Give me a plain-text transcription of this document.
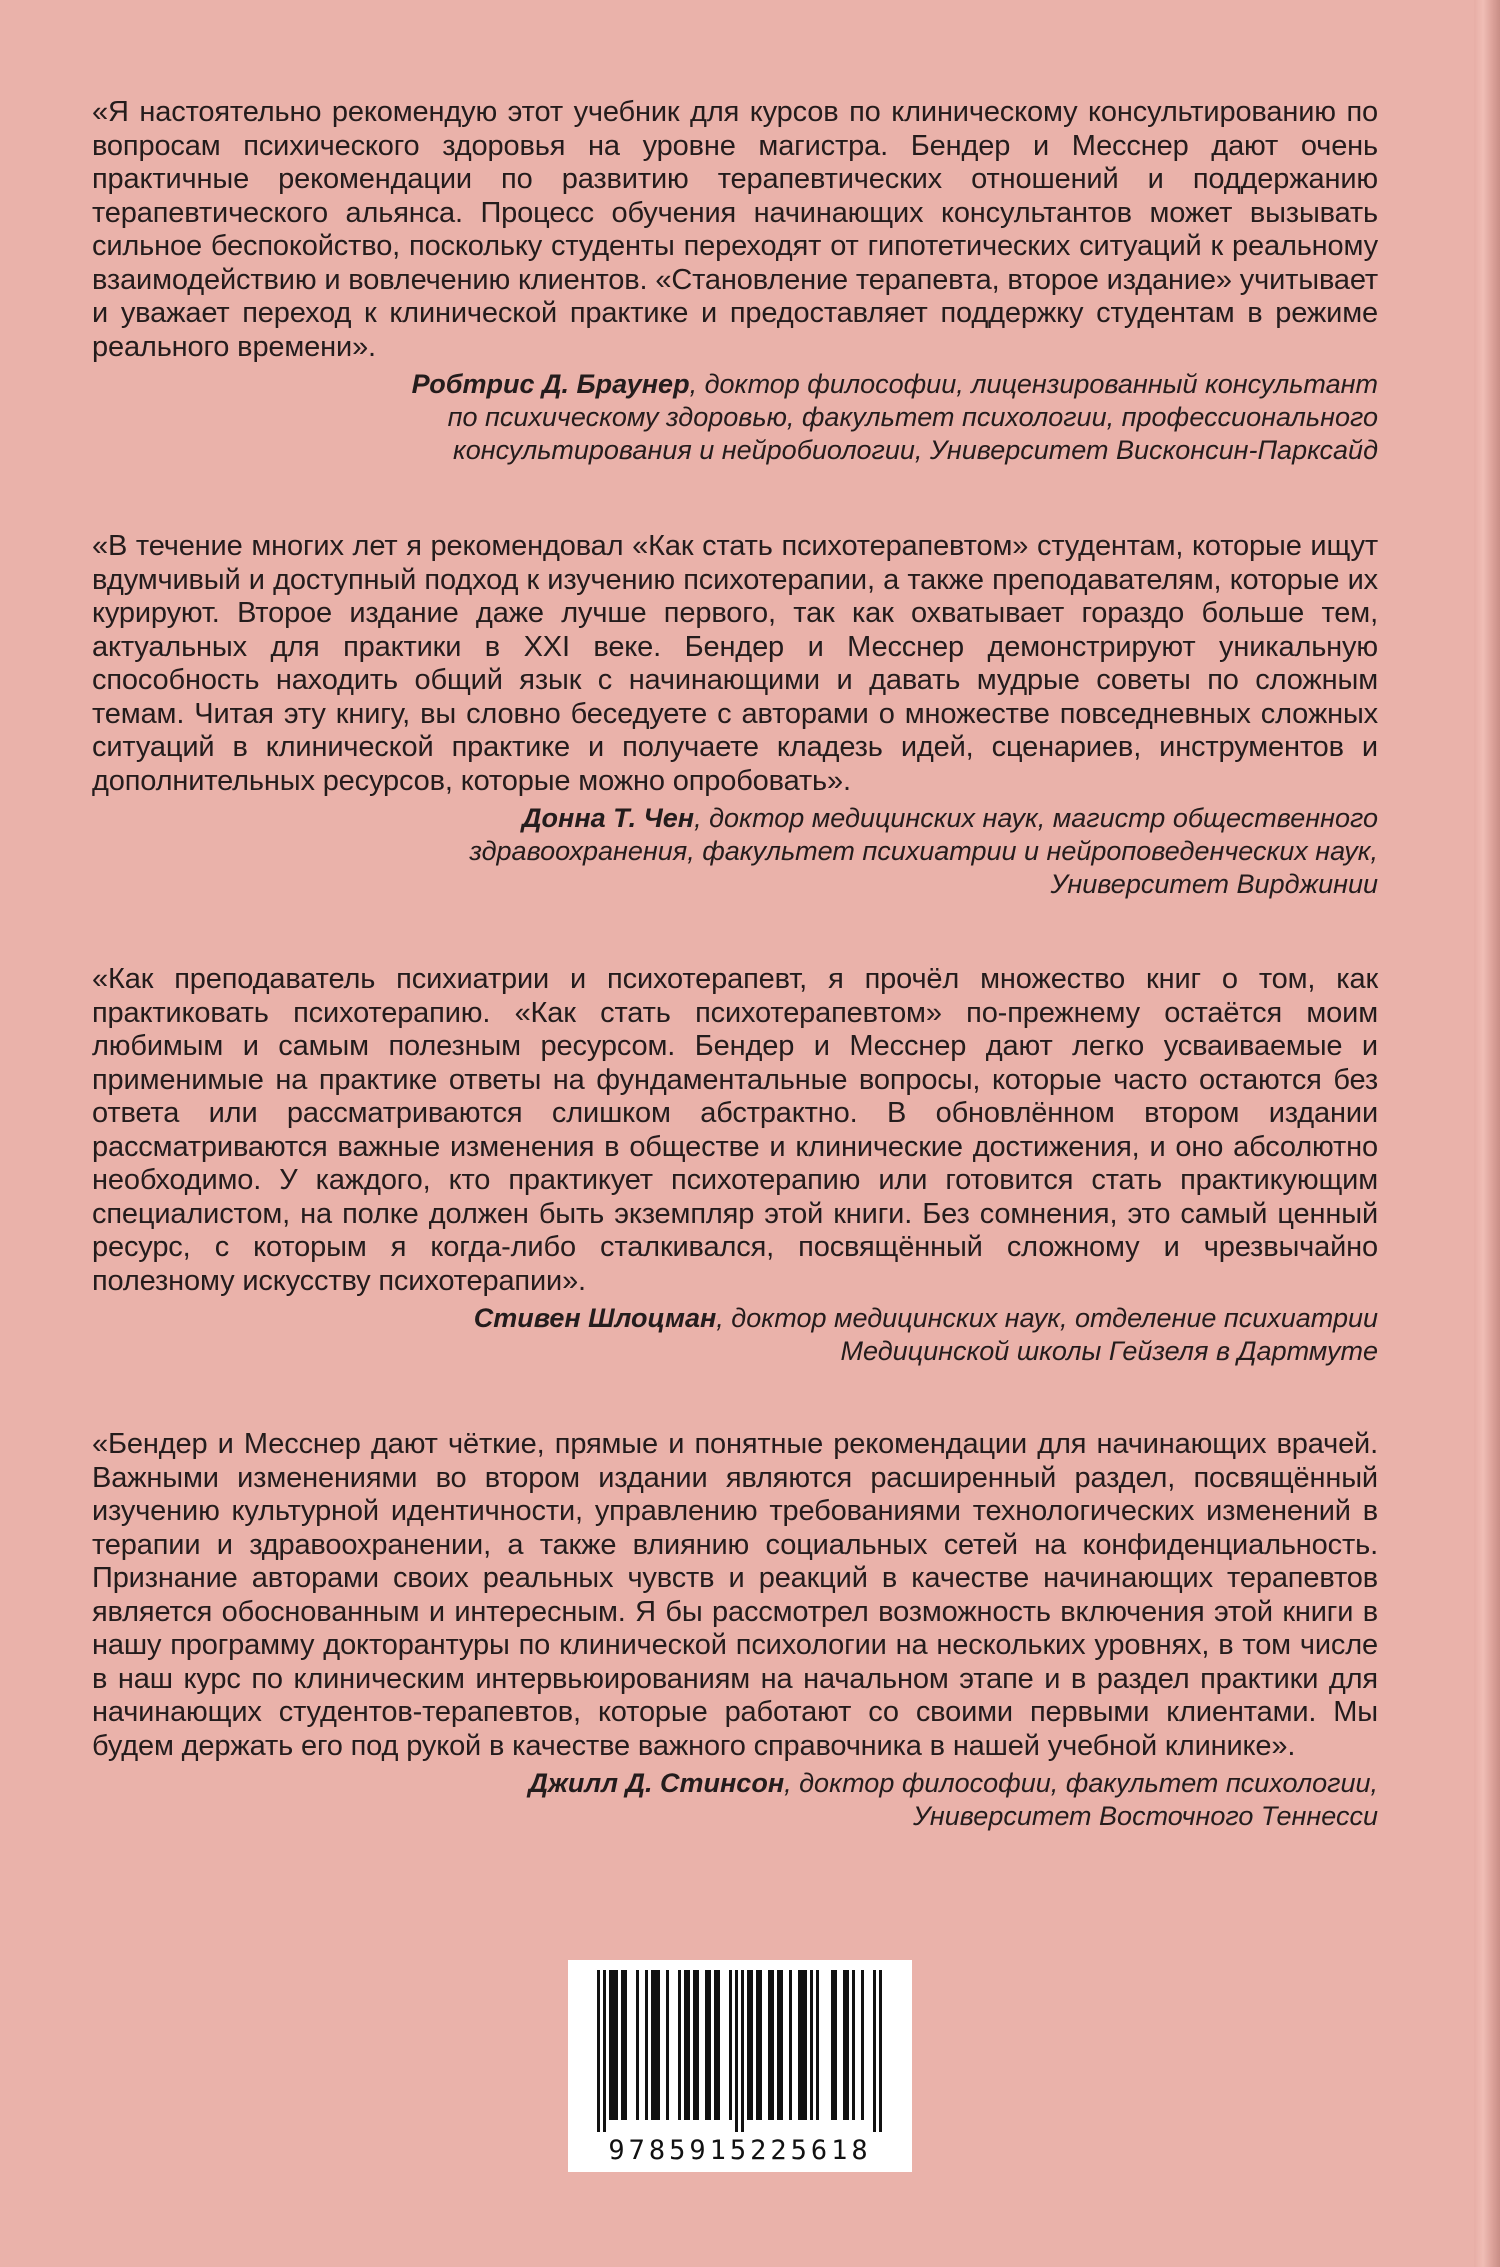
«Я настоятельно рекомендую этот учебник для курсов по клиническому консультированию по вопросам психического здоровья на уровне магистра. Бендер и Месснер дают очень практичные рекомендации по развитию терапевтических отношений и поддержанию терапевтического альянса. Процесс обучения начинающих консультантов может вызывать сильное беспокойство, поскольку студенты переходят от гипотетических ситуаций к реальному взаимодействию и вовлечению клиентов. «Становление терапевта, второе издание» учитывает и уважает переход к клинической практике и предоставляет поддержку студентам в режиме реального времени».

Робтрис Д. Браунер, доктор философии, лицензированный консультант
по психическому здоровью, факультет психологии, профессионального
консультирования и нейробиологии, Университет Висконсин-Парксайд

«В течение многих лет я рекомендовал «Как стать психотерапевтом» студентам, которые ищут вдумчивый и доступный подход к изучению психотерапии, а также преподавателям, которые их курируют. Второе издание даже лучше первого, так как охватывает гораздо больше тем, актуальных для практики в XXI веке. Бендер и Месснер демонстрируют уникальную способность находить общий язык с начинающими и давать мудрые советы по сложным темам. Читая эту книгу, вы словно беседуете с авторами о множестве повседневных сложных ситуаций в клинической практике и получаете кладезь идей, сценариев, инструментов и дополнительных ресурсов, которые можно опробовать».

Донна Т. Чен, доктор медицинских наук, магистр общественного
здравоохранения, факультет психиатрии и нейроповеденческих наук,
Университет Вирджинии

«Как преподаватель психиатрии и психотерапевт, я прочёл множество книг о том, как практиковать психотерапию. «Как стать психотерапевтом» по-прежнему остаётся моим любимым и самым полезным ресурсом. Бендер и Месснер дают легко усваиваемые и применимые на практике ответы на фундаментальные вопросы, которые часто остаются без ответа или рассматриваются слишком абстрактно. В обновлённом втором издании рассматриваются важные изменения в обществе и клинические достижения, и оно абсолютно необходимо. У каждого, кто практикует психотерапию или готовится стать практикующим специалистом, на полке должен быть экземпляр этой книги. Без сомнения, это самый ценный ресурс, с которым я когда-либо сталкивался, посвящённый сложному и чрезвычайно полезному искусству психотерапии».

Стивен Шлоцман, доктор медицинских наук, отделение психиатрии
Медицинской школы Гейзеля в Дартмуте

«Бендер и Месснер дают чёткие, прямые и понятные рекомендации для начинающих врачей. Важными изменениями во втором издании являются расширенный раздел, посвящённый изучению культурной идентичности, управлению требованиями технологических изменений в терапии и здравоохранении, а также влиянию социальных сетей на конфиденциальность. Признание авторами своих реальных чувств и реакций в качестве начинающих терапевтов является обоснованным и интересным. Я бы рассмотрел возможность включения этой книги в нашу программу докторантуры по клинической психологии на нескольких уровнях, в том числе в наш курс по клиническим интервьюированиям на начальном этапе и в раздел практики для начинающих студентов-терапевтов, которые работают со своими первыми клиентами. Мы будем держать его под рукой в качестве важного справочника в нашей учебной клинике».

Джилл Д. Стинсон, доктор философии, факультет психологии,
Университет Восточного Теннесси

9785915225618
